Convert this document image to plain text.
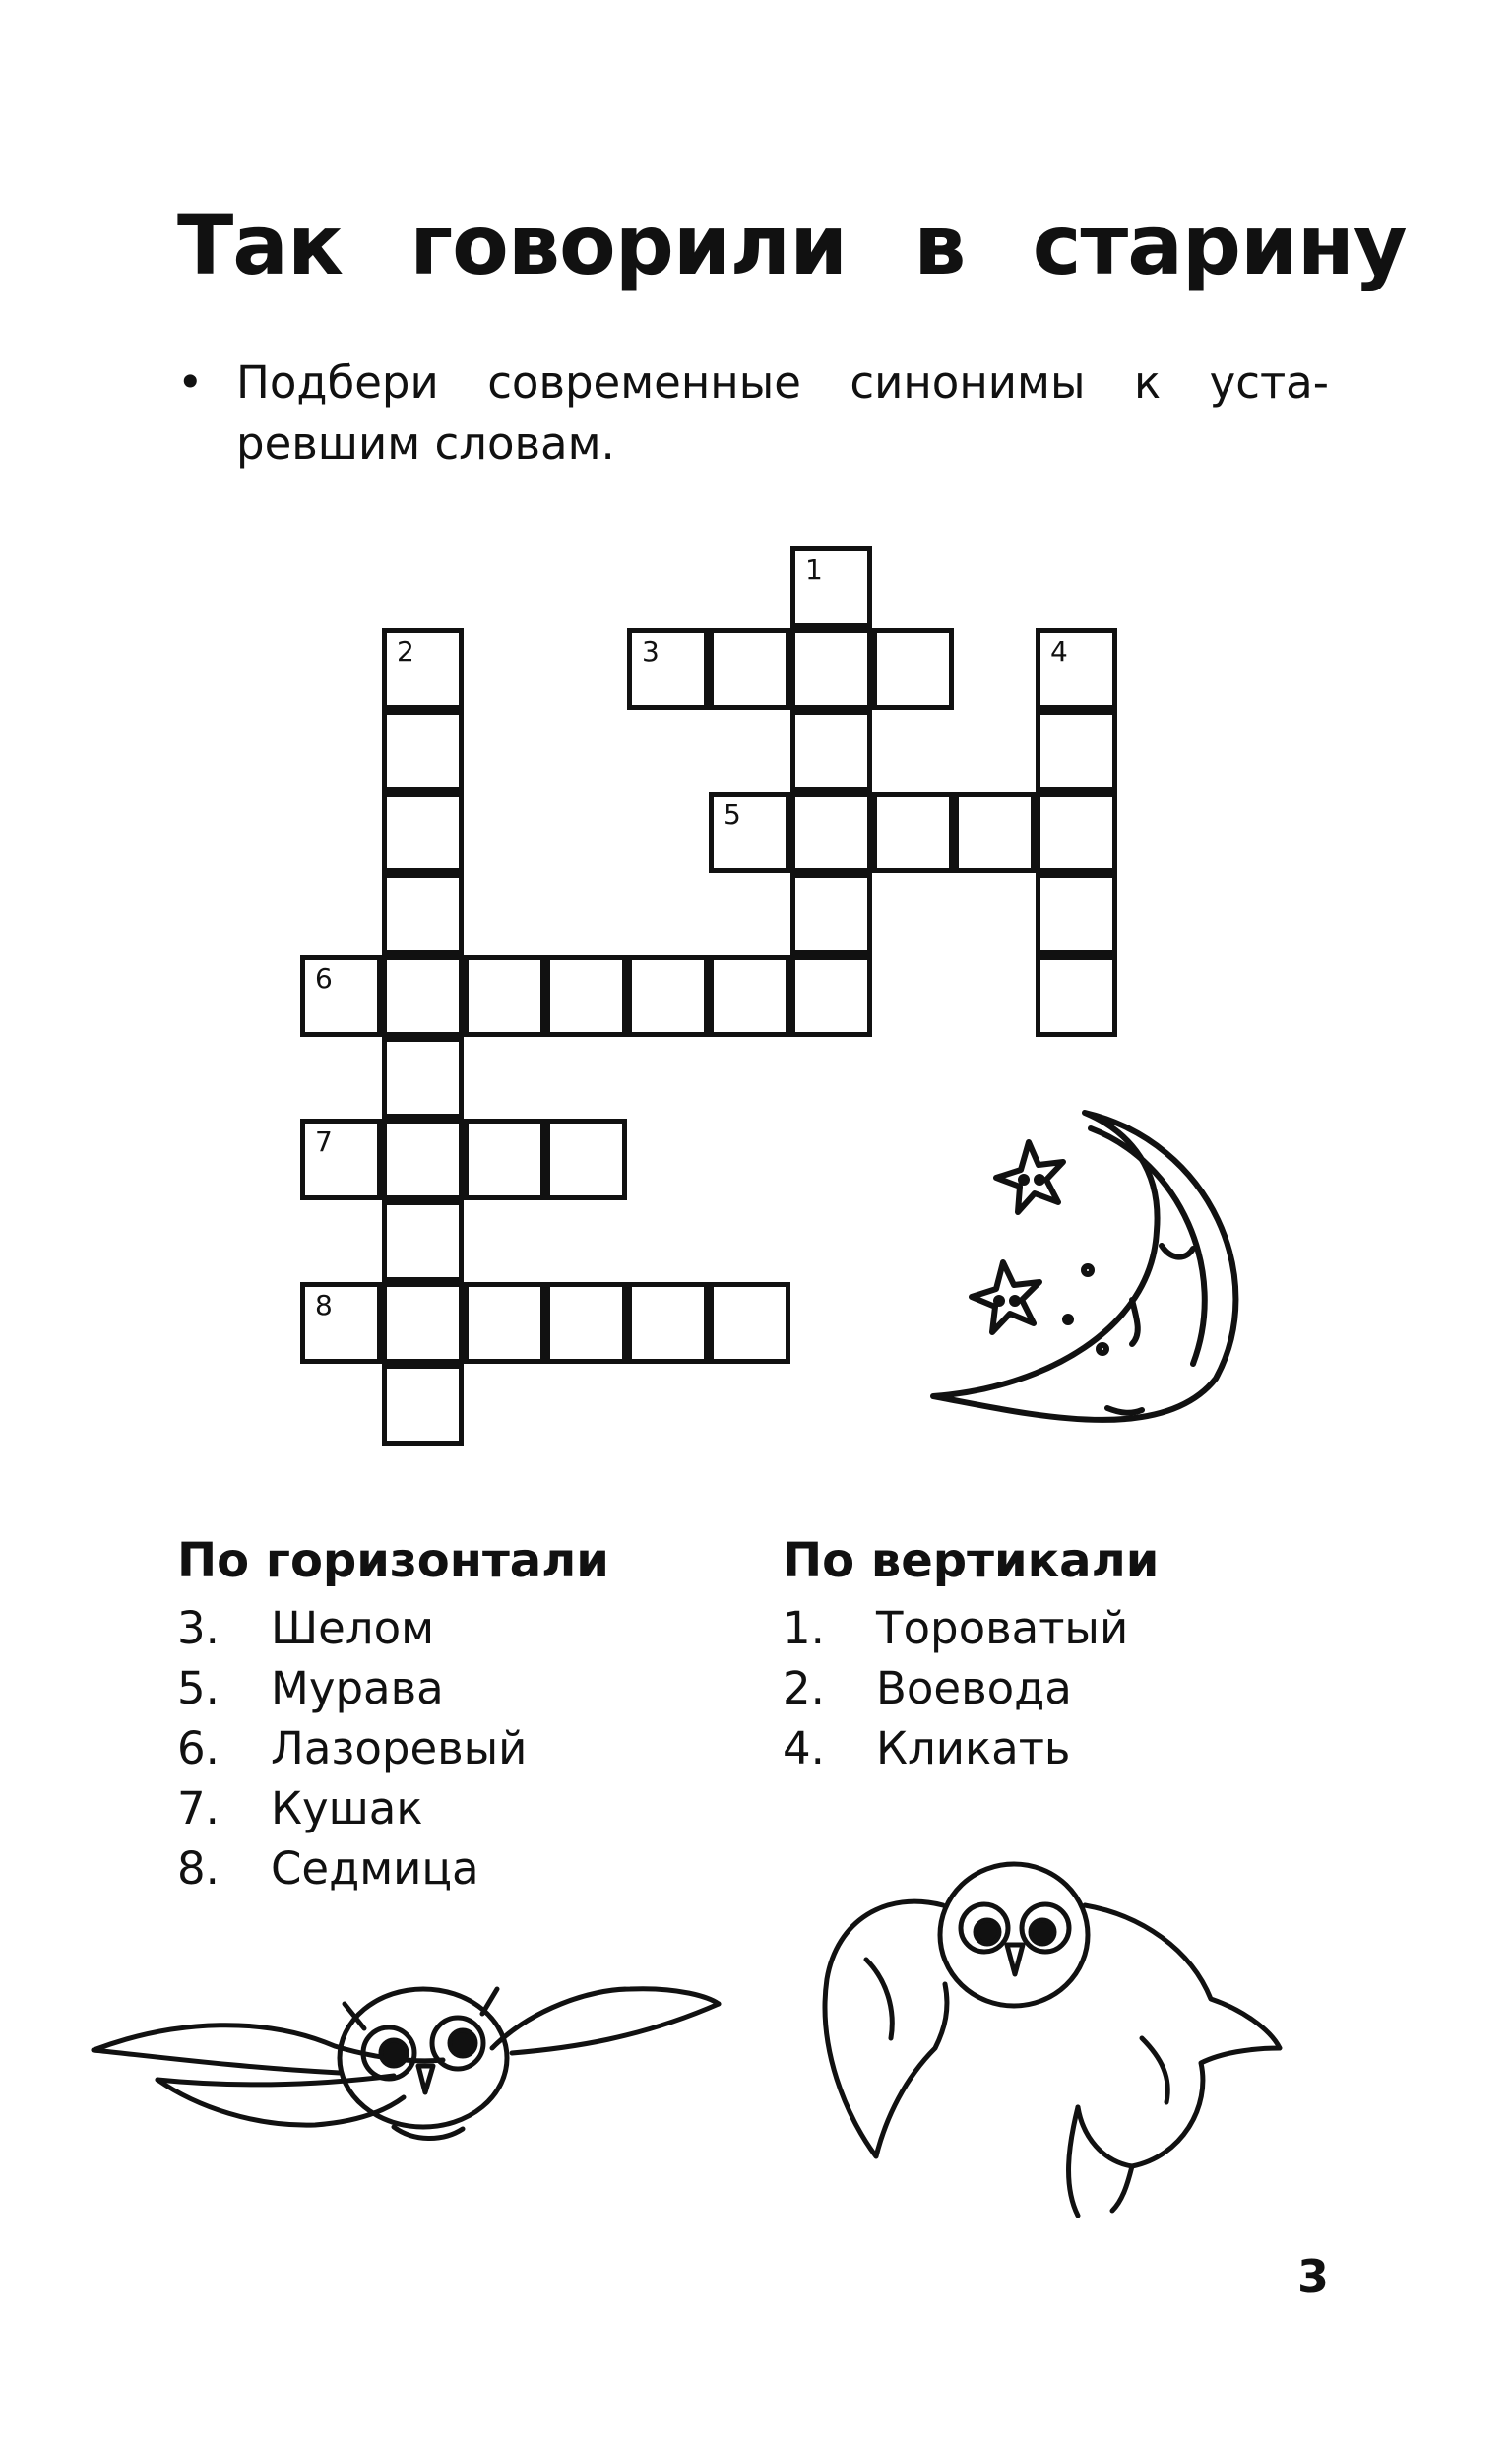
Так говорили в старину
• Подбери современные синонимы к уста-
ревшим словам.
1
2	3	4
5
6
7
8
По горизонтали
3. Шелом
5. Мурава
6. Лазоревый
7. Кушак
8. Седмица
По вертикали
1. Тороватый
2. Воевода
4. Кликать
3
